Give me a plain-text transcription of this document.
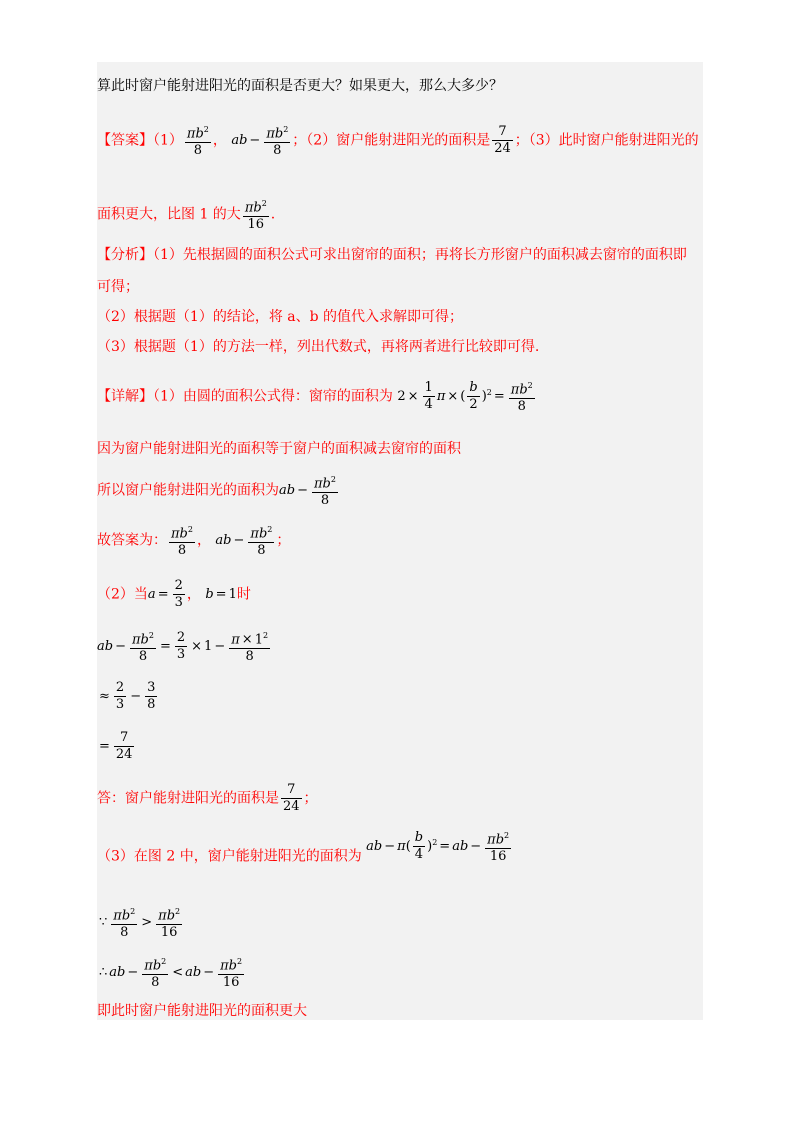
算此时窗户能射进阳光的面积是否更大？如果更大，那么大多少？
【答案】$(1) \frac{\pi b^2}{8}$ ， ab − $\frac{\pi b^2}{8}$ ；（2）窗户能射进阳光的面积是 $\frac{7}{24}$ ；（3）此时窗户能射进阳光的
面积更大，比图 1 的大 $\frac{\pi b^2}{16}$ .
【分析】（1）先根据圆的面积公式可求出窗帘的面积；再将长方形窗户的面积减去窗帘的面积即
可得；
（2）根据题（1）的结论，将 a、b 的值代入求解即可得；
（3）根据题（1）的方法一样，列出代数式，再将两者进行比较即可得.
【详解】（1）由圆的面积公式得：窗帘的面积为 $2 \times \frac{1}{4}$ π × ( $\frac{b}{2} )^2 = \frac{\pi b^2}{8}$
因为窗户能射进阳光的面积等于窗户的面积减去窗帘的面积
所以窗户能射进阳光的面积为ab − $\frac{\pi b^2}{8}$
故答案为： $\frac{\pi b^2}{8}$ ， ab − $\frac{\pi b^2}{8}$ ；
（2）当$a = \frac{2}{3}$ ， b = 1时
ab − $\frac{\pi b^2}{8} = \frac{2}{3} \times 1 - \frac{\pi \times 1^2}{8}$
≈ $\frac{2}{3} - \frac{3}{8}$
= $\frac{7}{24}$
答：窗户能射进阳光的面积是 $\frac{7}{24}$ ；
（3）在图 2 中，窗户能射进阳光的面积为 ab − $\pi( \frac{b}{4} )^2$ = ab − $\frac{\pi b^2}{16}$
∵ $\frac{\pi b^2}{8} > \frac{\pi b^2}{16}$
∴ ab − $\frac{\pi b^2}{8}$ < ab − $\frac{\pi b^2}{16}$
即此时窗户能射进阳光的面积更大
